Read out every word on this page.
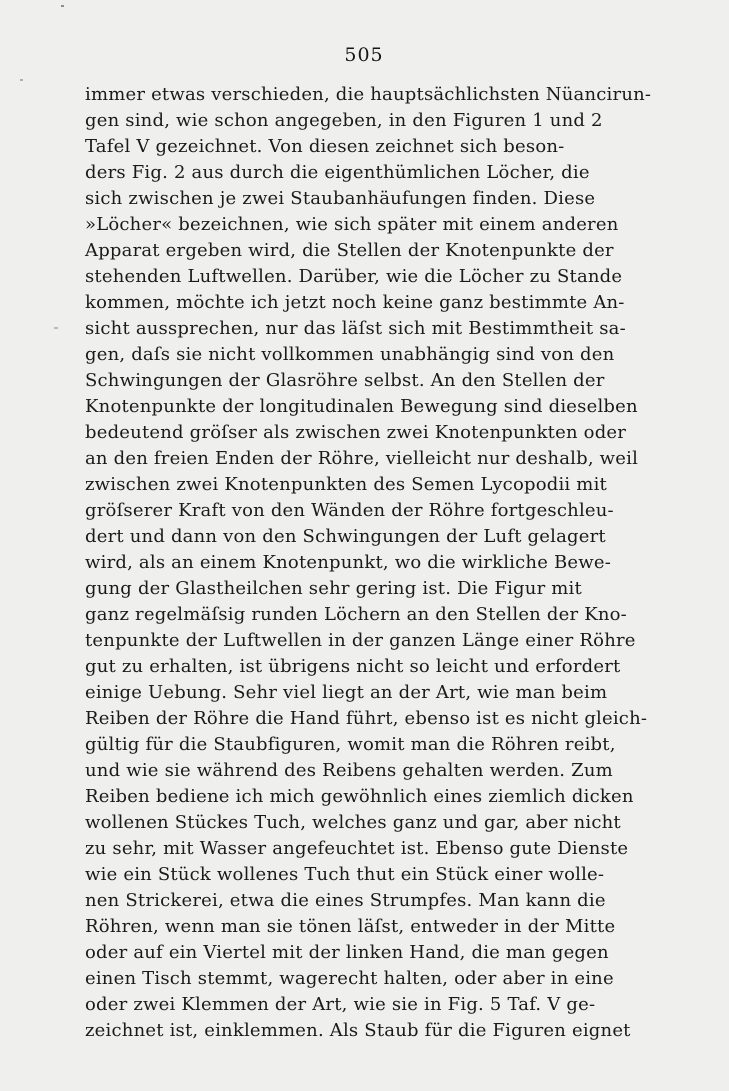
505
immer etwas verschieden, die hauptsächlichsten Nüancirun-
gen sind, wie schon angegeben, in den Figuren 1 und 2
Tafel V gezeichnet. Von diesen zeichnet sich beson-
ders Fig. 2 aus durch die eigenthümlichen Löcher, die
sich zwischen je zwei Staubanhäufungen finden. Diese
»Löcher« bezeichnen, wie sich später mit einem anderen
Apparat ergeben wird, die Stellen der Knotenpunkte der
stehenden Luftwellen. Darüber, wie die Löcher zu Stande
kommen, möchte ich jetzt noch keine ganz bestimmte An-
sicht aussprechen, nur das läſst sich mit Bestimmtheit sa-
gen, daſs sie nicht vollkommen unabhängig sind von den
Schwingungen der Glasröhre selbst. An den Stellen der
Knotenpunkte der longitudinalen Bewegung sind dieselben
bedeutend gröſser als zwischen zwei Knotenpunkten oder
an den freien Enden der Röhre, vielleicht nur deshalb, weil
zwischen zwei Knotenpunkten des Semen Lycopodii mit
gröſserer Kraft von den Wänden der Röhre fortgeschleu-
dert und dann von den Schwingungen der Luft gelagert
wird, als an einem Knotenpunkt, wo die wirkliche Bewe-
gung der Glastheilchen sehr gering ist. Die Figur mit
ganz regelmäſsig runden Löchern an den Stellen der Kno-
tenpunkte der Luftwellen in der ganzen Länge einer Röhre
gut zu erhalten, ist übrigens nicht so leicht und erfordert
einige Uebung. Sehr viel liegt an der Art, wie man beim
Reiben der Röhre die Hand führt, ebenso ist es nicht gleich-
gültig für die Staubfiguren, womit man die Röhren reibt,
und wie sie während des Reibens gehalten werden. Zum
Reiben bediene ich mich gewöhnlich eines ziemlich dicken
wollenen Stückes Tuch, welches ganz und gar, aber nicht
zu sehr, mit Wasser angefeuchtet ist. Ebenso gute Dienste
wie ein Stück wollenes Tuch thut ein Stück einer wolle-
nen Strickerei, etwa die eines Strumpfes. Man kann die
Röhren, wenn man sie tönen läſst, entweder in der Mitte
oder auf ein Viertel mit der linken Hand, die man gegen
einen Tisch stemmt, wagerecht halten, oder aber in eine
oder zwei Klemmen der Art, wie sie in Fig. 5 Taf. V ge-
zeichnet ist, einklemmen. Als Staub für die Figuren eignet
